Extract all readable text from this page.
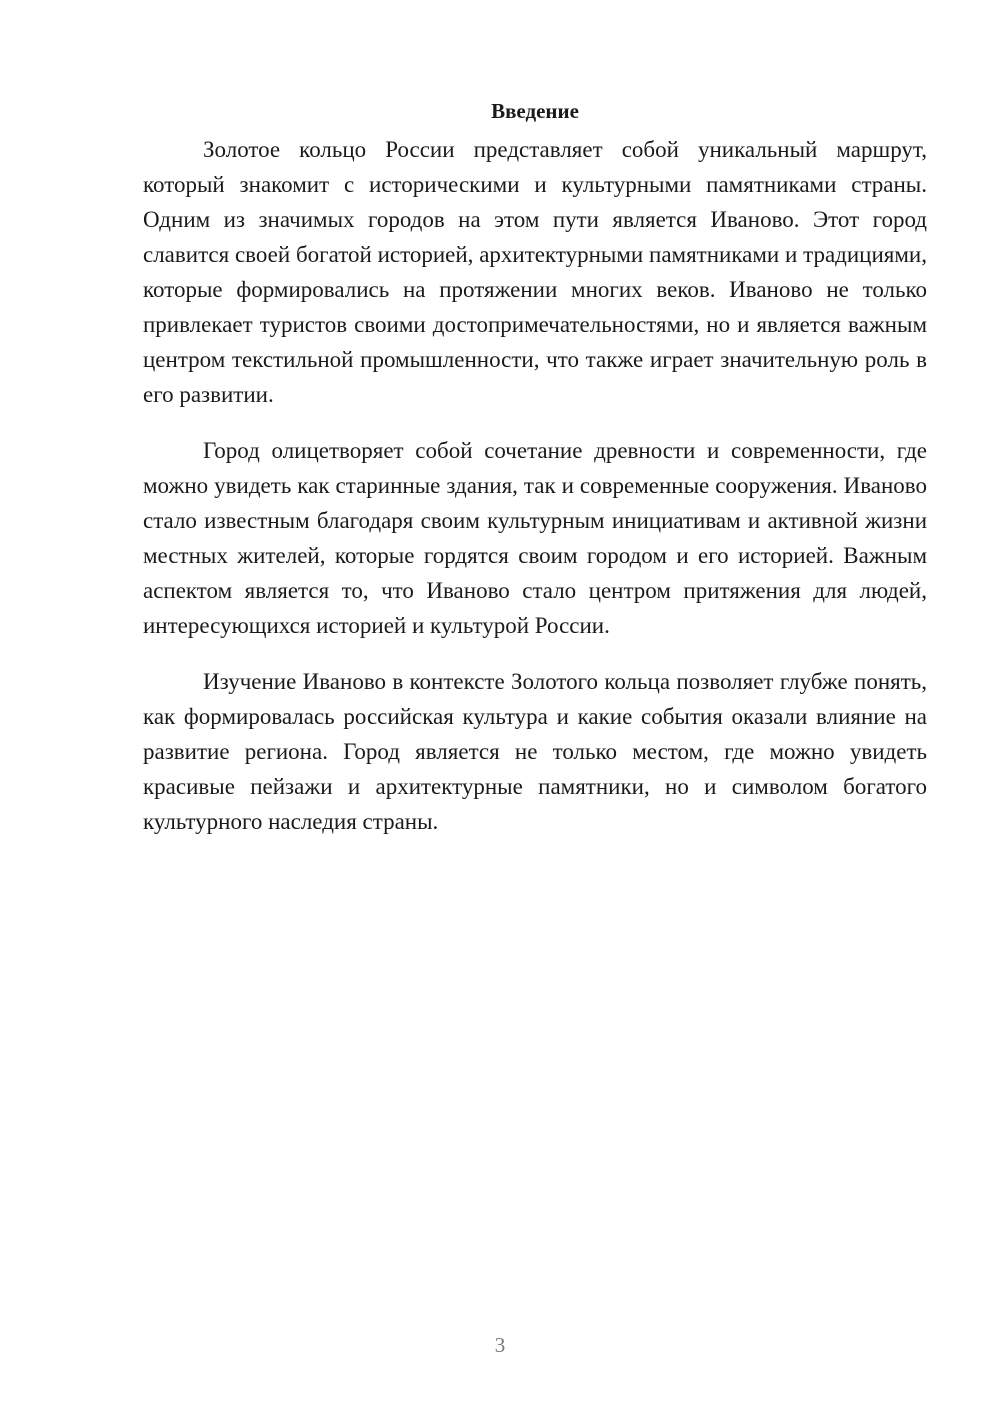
Введение

Золотое кольцо России представляет собой уникальный маршрут, который знакомит с историческими и культурными памятниками страны. Одним из значимых городов на этом пути является Иваново. Этот город славится своей богатой историей, архитектурными памятниками и традициями, которые формировались на протяжении многих веков. Иваново не только привлекает туристов своими достопримечательностями, но и является важным центром текстильной промышленности, что также играет значительную роль в его развитии.

Город олицетворяет собой сочетание древности и современности, где можно увидеть как старинные здания, так и современные сооружения. Иваново стало известным благодаря своим культурным инициативам и активной жизни местных жителей, которые гордятся своим городом и его историей. Важным аспектом является то, что Иваново стало центром притяжения для людей, интересующихся историей и культурой России.

Изучение Иваново в контексте Золотого кольца позволяет глубже понять, как формировалась российская культура и какие события оказали влияние на развитие региона. Город является не только местом, где можно увидеть красивые пейзажи и архитектурные памятники, но и символом богатого культурного наследия страны.

3
